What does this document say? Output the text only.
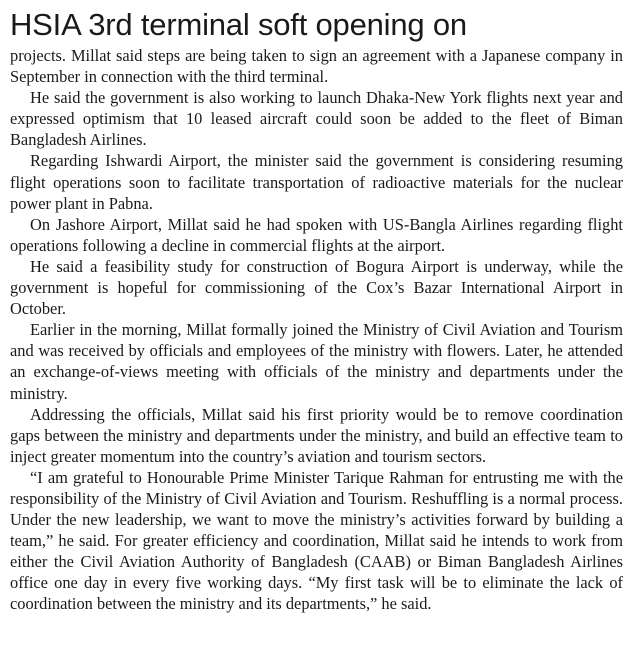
HSIA 3rd terminal soft opening on

projects. Millat said steps are being taken to sign an agreement with a Japanese company in September in connection with the third terminal.

He said the government is also working to launch Dhaka-New York flights next year and expressed optimism that 10 leased aircraft could soon be added to the fleet of Biman Bangladesh Airlines.

Regarding Ishwardi Airport, the minister said the government is considering resuming flight operations soon to facilitate transportation of radioactive materials for the nuclear power plant in Pabna.

On Jashore Airport, Millat said he had spoken with US-Bangla Airlines regarding flight operations following a decline in commercial flights at the airport.

He said a feasibility study for construction of Bogura Airport is underway, while the government is hopeful for commissioning of the Cox’s Bazar International Airport in October.

Earlier in the morning, Millat formally joined the Ministry of Civil Aviation and Tourism and was received by officials and employees of the ministry with flowers. Later, he attended an exchange-of-views meeting with officials of the ministry and departments under the ministry.

Addressing the officials, Millat said his first priority would be to remove coordination gaps between the ministry and departments under the ministry, and build an effective team to inject greater momentum into the country’s aviation and tourism sectors.

“I am grateful to Honourable Prime Minister Tarique Rahman for entrusting me with the responsibility of the Ministry of Civil Aviation and Tourism. Reshuffling is a normal process. Under the new leadership, we want to move the ministry’s activities forward by building a team,” he said. For greater efficiency and coordination, Millat said he intends to work from either the Civil Aviation Authority of Bangladesh (CAAB) or Biman Bangladesh Airlines office one day in every five working days. “My first task will be to eliminate the lack of coordination between the ministry and its departments,” he said.
